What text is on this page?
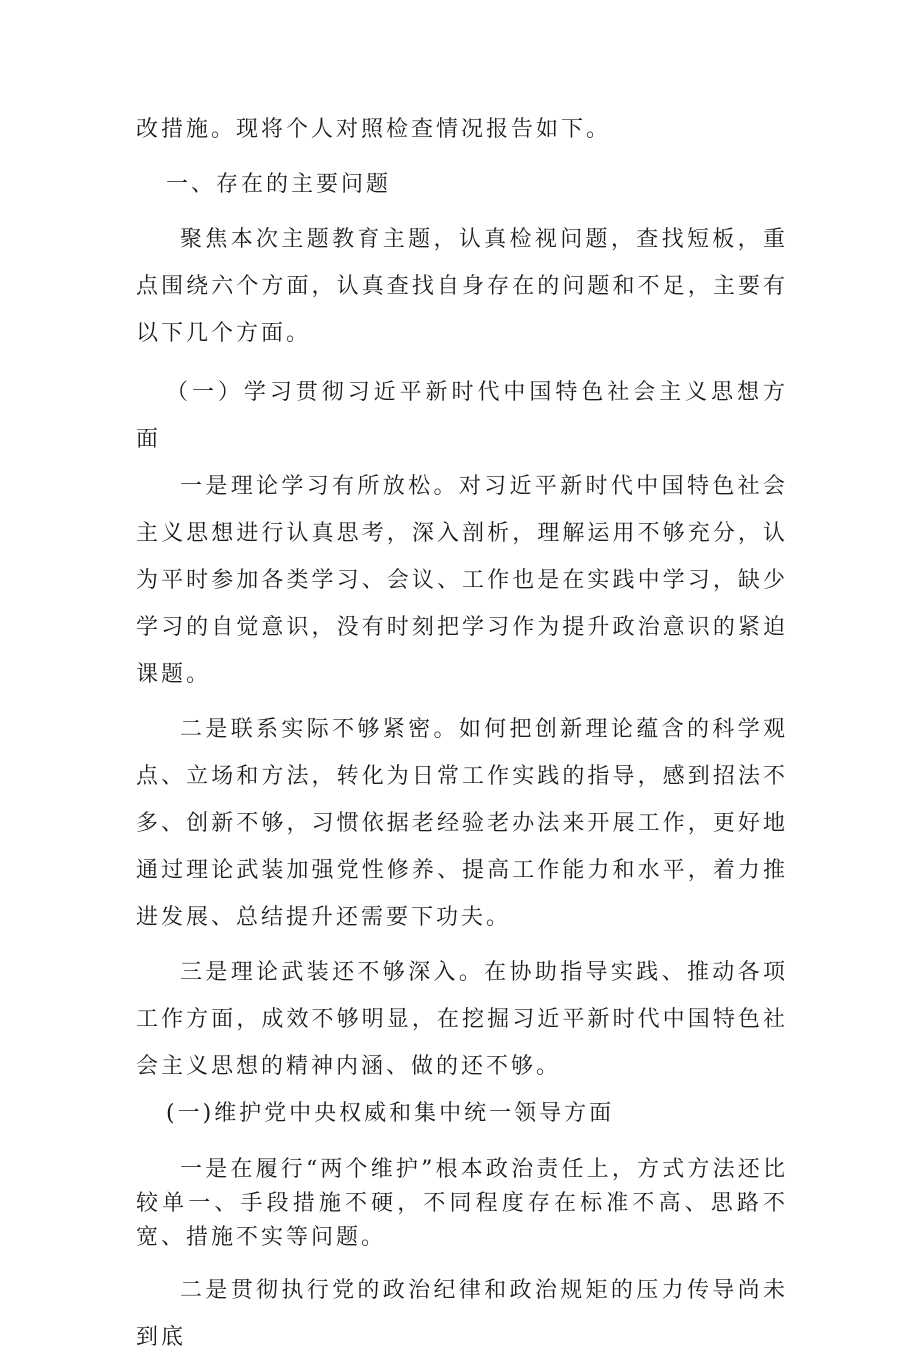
改措施。现将个人对照检查情况报告如下。

一、存在的主要问题

聚焦本次主题教育主题，认真检视问题，查找短板，重点围绕六个方面，认真查找自身存在的问题和不足，主要有以下几个方面。

（一）学习贯彻习近平新时代中国特色社会主义思想方面

一是理论学习有所放松。对习近平新时代中国特色社会主义思想进行认真思考，深入剖析，理解运用不够充分，认为平时参加各类学习、会议、工作也是在实践中学习，缺少学习的自觉意识，没有时刻把学习作为提升政治意识的紧迫课题。

二是联系实际不够紧密。如何把创新理论蕴含的科学观点、立场和方法，转化为日常工作实践的指导，感到招法不多、创新不够，习惯依据老经验老办法来开展工作，更好地通过理论武装加强党性修养、提高工作能力和水平，着力推进发展、总结提升还需要下功夫。

三是理论武装还不够深入。在协助指导实践、推动各项工作方面，成效不够明显，在挖掘习近平新时代中国特色社会主义思想的精神内涵、做的还不够。

(一)维护党中央权威和集中统一领导方面

一是在履行“两个维护”根本政治责任上，方式方法还比较单一、手段措施不硬，不同程度存在标准不高、思路不宽、措施不实等问题。

二是贯彻执行党的政治纪律和政治规矩的压力传导尚未到底
